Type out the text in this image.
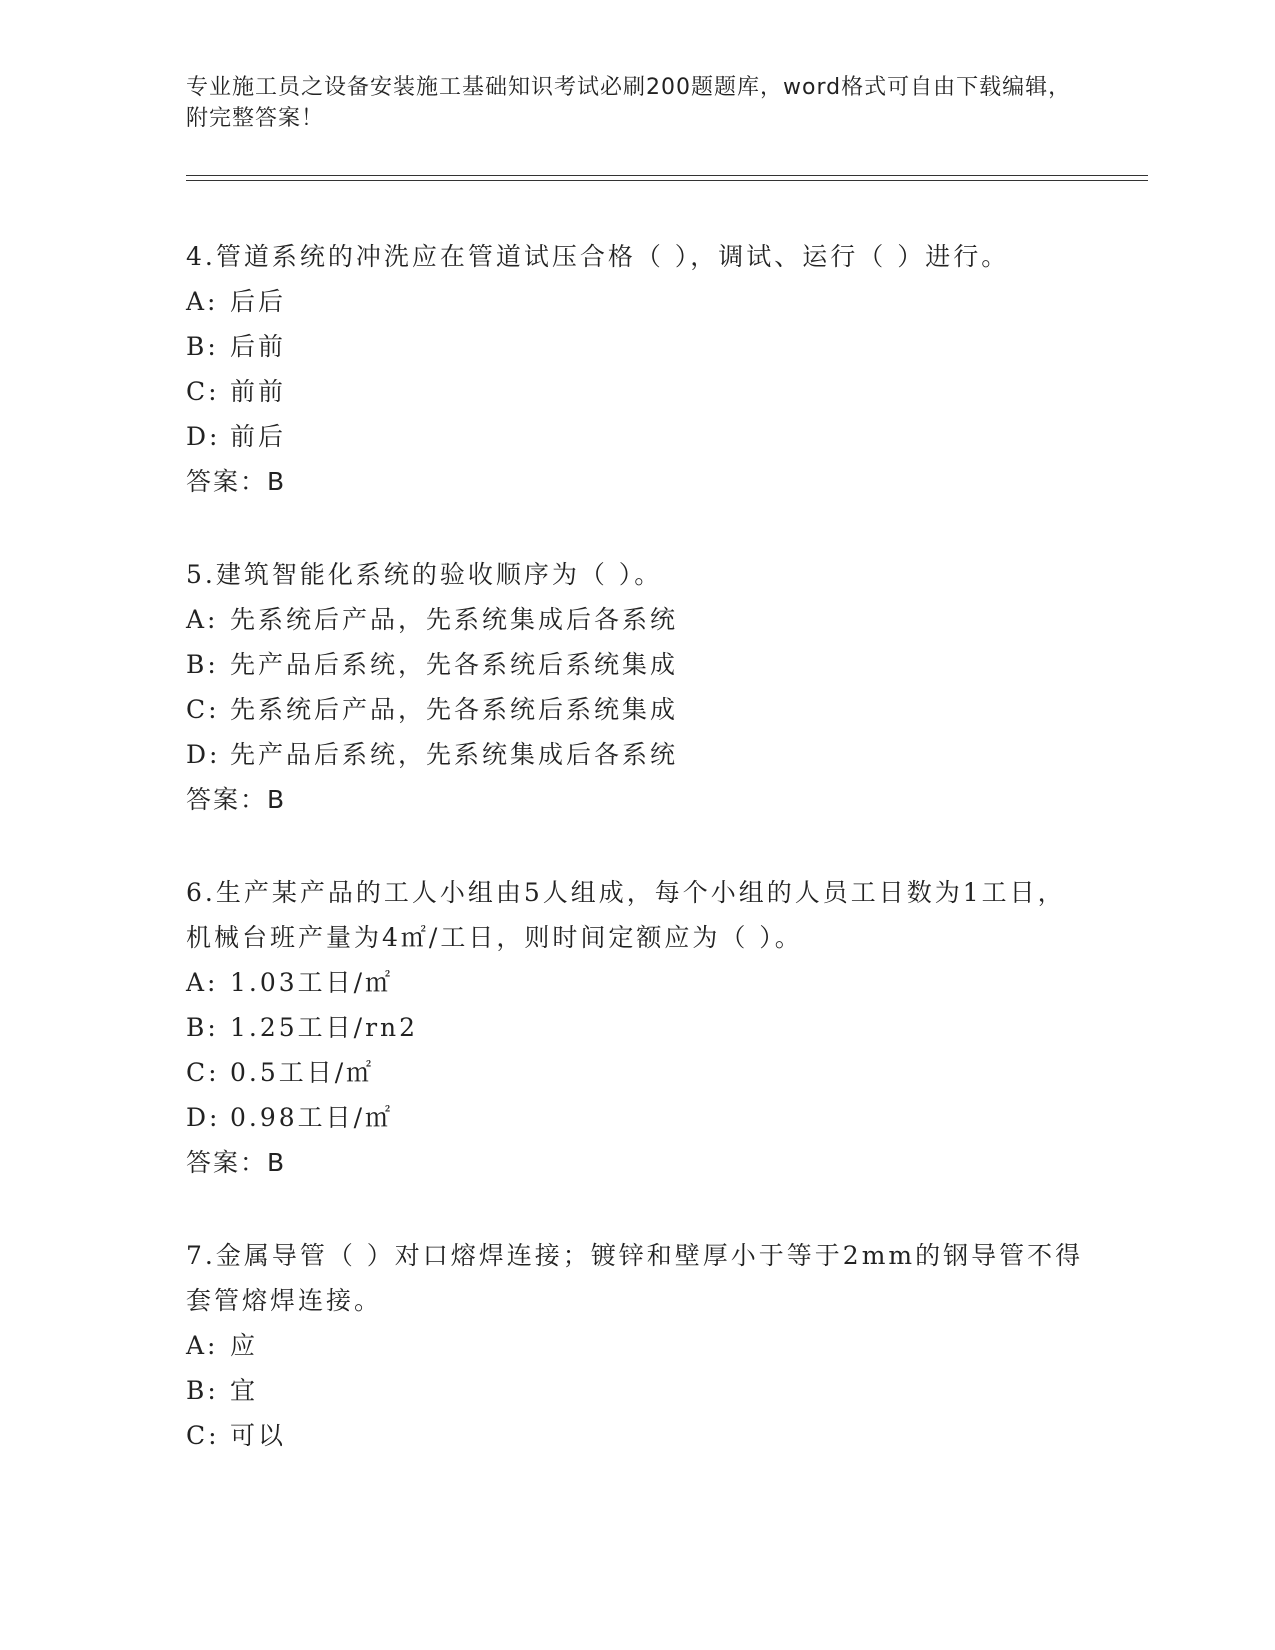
专业施工员之设备安装施工基础知识考试必刷200题题库，word格式可自由下载编辑，附完整答案！
4.管道系统的冲洗应在管道试压合格（ ），调试、运行（ ）进行。
A: 后后
B: 后前
C: 前前
D: 前后
答案：B
5.建筑智能化系统的验收顺序为（ ）。
A: 先系统后产品，先系统集成后各系统
B: 先产品后系统，先各系统后系统集成
C: 先系统后产品，先各系统后系统集成
D: 先产品后系统，先系统集成后各系统
答案：B
6.生产某产品的工人小组由5人组成，每个小组的人员工日数为1工日，机械台班产量为4㎡/工日，则时间定额应为（ ）。
A: 1.03工日/㎡
B: 1.25工日/rn2
C: 0.5工日/㎡
D: 0.98工日/㎡
答案：B
7.金属导管（ ）对口熔焊连接；镀锌和壁厚小于等于2mm的钢导管不得套管熔焊连接。
A: 应
B: 宜
C: 可以
